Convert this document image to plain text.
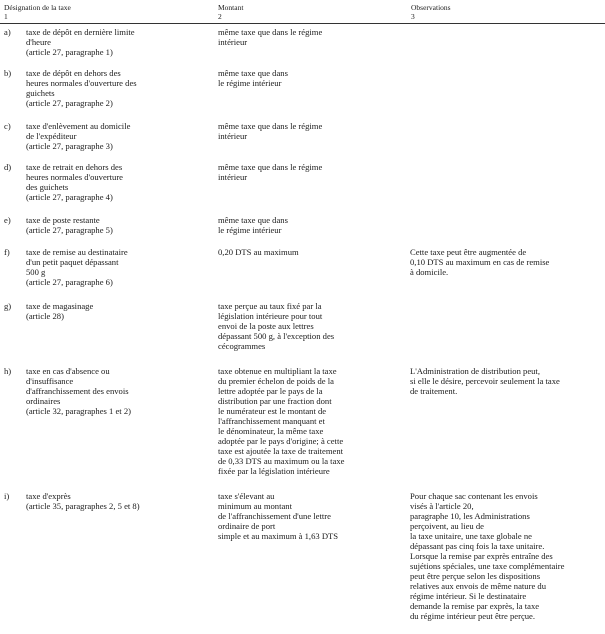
Désignation de la taxe
1
Montant
2
Observations
3
a) taxe de dépôt en dernière limite
d'heure
(article 27, paragraphe 1)
même taxe que dans le régime
intérieur
b) taxe de dépôt en dehors des
heures normales d'ouverture des
guichets
(article 27, paragraphe 2)
même taxe que dans
le régime intérieur
c) taxe d'enlèvement au domicile
de l'expéditeur
(article 27, paragraphe 3)
même taxe que dans le régime
intérieur
d) taxe de retrait en dehors des
heures normales d'ouverture
des guichets
(article 27, paragraphe 4)
même taxe que dans le régime
intérieur
e) taxe de poste restante
(article 27, paragraphe 5)
même taxe que dans
le régime intérieur
f) taxe de remise au destinataire
d'un petit paquet dépassant
500 g
(article 27, paragraphe 6)
0,20 DTS au maximum	Cette taxe peut être augmentée de
0,10 DTS au maximum en cas de remise
à domicile.
g) taxe de magasinage
(article 28)
taxe perçue au taux fixé par la
législation intérieure pour tout
envoi de la poste aux lettres
dépassant 500 g, à l'exception des
cécogrammes
h) taxe en cas d'absence ou
d'insuffisance
d'affranchissement des envois
ordinaires
(article 32, paragraphes 1 et 2)
taxe obtenue en multipliant la taxe
du premier échelon de poids de la
lettre adoptée par le pays de la
distribution par une fraction dont
le numérateur est le montant de
l'affranchissement manquant et
le dénominateur, la même taxe
adoptée par le pays d'origine; à cette
taxe est ajoutée la taxe de traitement
de 0,33 DTS au maximum ou la taxe
fixée par la législation intérieure
L'Administration de distribution peut,
si elle le désire, percevoir seulement la taxe
de traitement.
i) taxe d'exprès
(article 35, paragraphes 2, 5 et 8)
taxe s'élevant au
minimum au montant
de l'affranchissement d'une lettre
ordinaire de port
simple et au maximum à 1,63 DTS
Pour chaque sac contenant les envois
visés à l'article 20,
paragraphe 10, les Administrations
perçoivent, au lieu de
la taxe unitaire, une taxe globale ne
dépassant pas cinq fois la taxe unitaire.
Lorsque la remise par exprès entraîne des
sujétions spéciales, une taxe complémentaire
peut être perçue selon les dispositions
relatives aux envois de même nature du
régime intérieur. Si le destinataire
demande la remise par exprès, la taxe
du régime intérieur peut être perçue.
